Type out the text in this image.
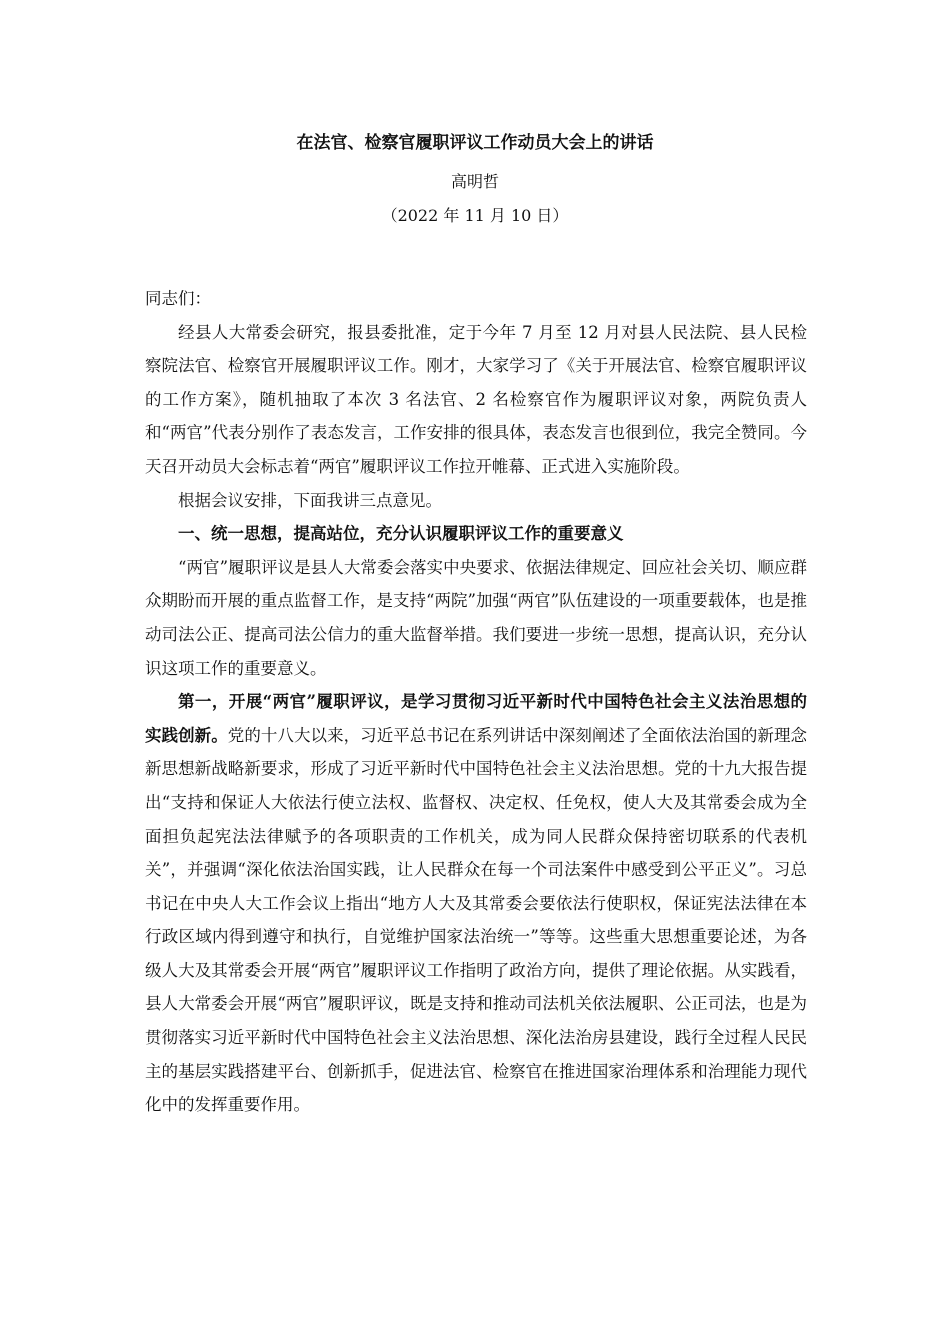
在法官、检察官履职评议工作动员大会上的讲话
高明哲
（2022 年 11 月 10 日）

同志们：

经县人大常委会研究，报县委批准，定于今年 7 月至 12 月对县人民法院、县人民检察院法官、检察官开展履职评议工作。刚才，大家学习了《关于开展法官、检察官履职评议的工作方案》，随机抽取了本次 3 名法官、2 名检察官作为履职评议对象，两院负责人和“两官”代表分别作了表态发言，工作安排的很具体，表态发言也很到位，我完全赞同。今天召开动员大会标志着“两官”履职评议工作拉开帷幕、正式进入实施阶段。

根据会议安排，下面我讲三点意见。

一、统一思想，提高站位，充分认识履职评议工作的重要意义

“两官”履职评议是县人大常委会落实中央要求、依据法律规定、回应社会关切、顺应群众期盼而开展的重点监督工作，是支持“两院”加强“两官”队伍建设的一项重要载体，也是推动司法公正、提高司法公信力的重大监督举措。我们要进一步统一思想，提高认识，充分认识这项工作的重要意义。

第一，开展“两官”履职评议，是学习贯彻习近平新时代中国特色社会主义法治思想的实践创新。党的十八大以来，习近平总书记在系列讲话中深刻阐述了全面依法治国的新理念新思想新战略新要求，形成了习近平新时代中国特色社会主义法治思想。党的十九大报告提出“支持和保证人大依法行使立法权、监督权、决定权、任免权，使人大及其常委会成为全面担负起宪法法律赋予的各项职责的工作机关，成为同人民群众保持密切联系的代表机关”，并强调“深化依法治国实践，让人民群众在每一个司法案件中感受到公平正义”。习总书记在中央人大工作会议上指出“地方人大及其常委会要依法行使职权，保证宪法法律在本行政区域内得到遵守和执行，自觉维护国家法治统一”等等。这些重大思想重要论述，为各级人大及其常委会开展“两官”履职评议工作指明了政治方向，提供了理论依据。从实践看，县人大常委会开展“两官”履职评议，既是支持和推动司法机关依法履职、公正司法，也是为贯彻落实习近平新时代中国特色社会主义法治思想、深化法治房县建设，践行全过程人民民主的基层实践搭建平台、创新抓手，促进法官、检察官在推进国家治理体系和治理能力现代化中的发挥重要作用。
